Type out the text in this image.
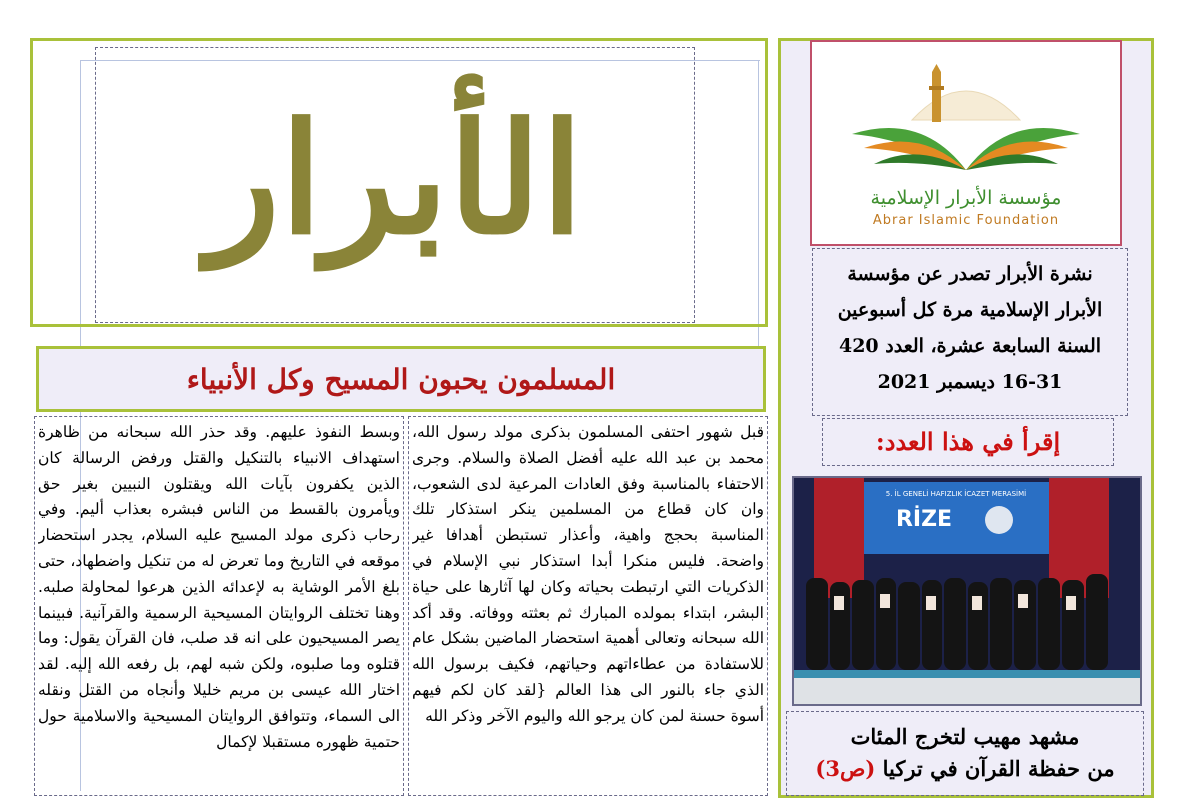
الأبرار	مؤسسة الأبرار الإسلامية
Abrar Islamic Foundation
نشرة الأبرار تصدر عن مؤسسة
الأبرار الإسلامية مرة كل أسبوعين
السنة السابعة عشرة، العدد 420
16-31 ديسمبر 2021
إقرأ في هذا العدد:
5. İL GENELİ HAFIZLIK İCAZET MERASİMİ
RİZE
مشهد مهيب لتخرج المئات
من حفظة القرآن في تركيا (ص3)
المسلمون يحبون المسيح وكل الأنبياء

قبل شهور احتفى المسلمون بذكرى مولد رسول الله، محمد بن عبد الله عليه أفضل الصلاة والسلام. وجرى الاحتفاء بالمناسبة وفق العادات المرعية لدى الشعوب، وان كان قطاع من المسلمين ينكر استذكار تلك المناسبة بحجج واهية، وأعذار تستبطن أهدافا غير واضحة. فليس منكرا أبدا استذكار نبي الإسلام في الذكريات التي ارتبطت بحياته وكان لها آثارها على حياة البشر، ابتداء بمولده المبارك ثم بعثته ووفاته. وقد أكد الله سبحانه وتعالى أهمية استحضار الماضين بشكل عام للاستفادة من عطاءاتهم وحياتهم، فكيف برسول الله الذي جاء بالنور الى هذا العالم {لقد كان لكم فيهم أسوة حسنة لمن كان يرجو الله واليوم الآخر وذكر الله

وبسط النفوذ عليهم. وقد حذر الله سبحانه من ظاهرة استهداف الانبياء بالتنكيل والقتل ورفض الرسالة كان الذين يكفرون بآيات الله ويقتلون النبيين بغير حق ويأمرون بالقسط من الناس فبشره بعذاب أليم. وفي رحاب ذكرى مولد المسيح عليه السلام، يجدر استحضار موقعه في التاريخ وما تعرض له من تنكيل واضطهاد، حتى بلغ الأمر الوشاية به لإعدائه الذين هرعوا لمحاولة صلبه. وهنا تختلف الروايتان المسيحية الرسمية والقرآنية. فبينما يصر المسيحيون على انه قد صلب، فان القرآن يقول: وما قتلوه وما صلبوه، ولكن شبه لهم، بل رفعه الله إليه. لقد اختار الله عيسى بن مريم خليلا وأنجاه من القتل ونقله الى السماء، وتتوافق الروايتان المسيحية والاسلامية حول حتمية ظهوره مستقبلا لإكمال
